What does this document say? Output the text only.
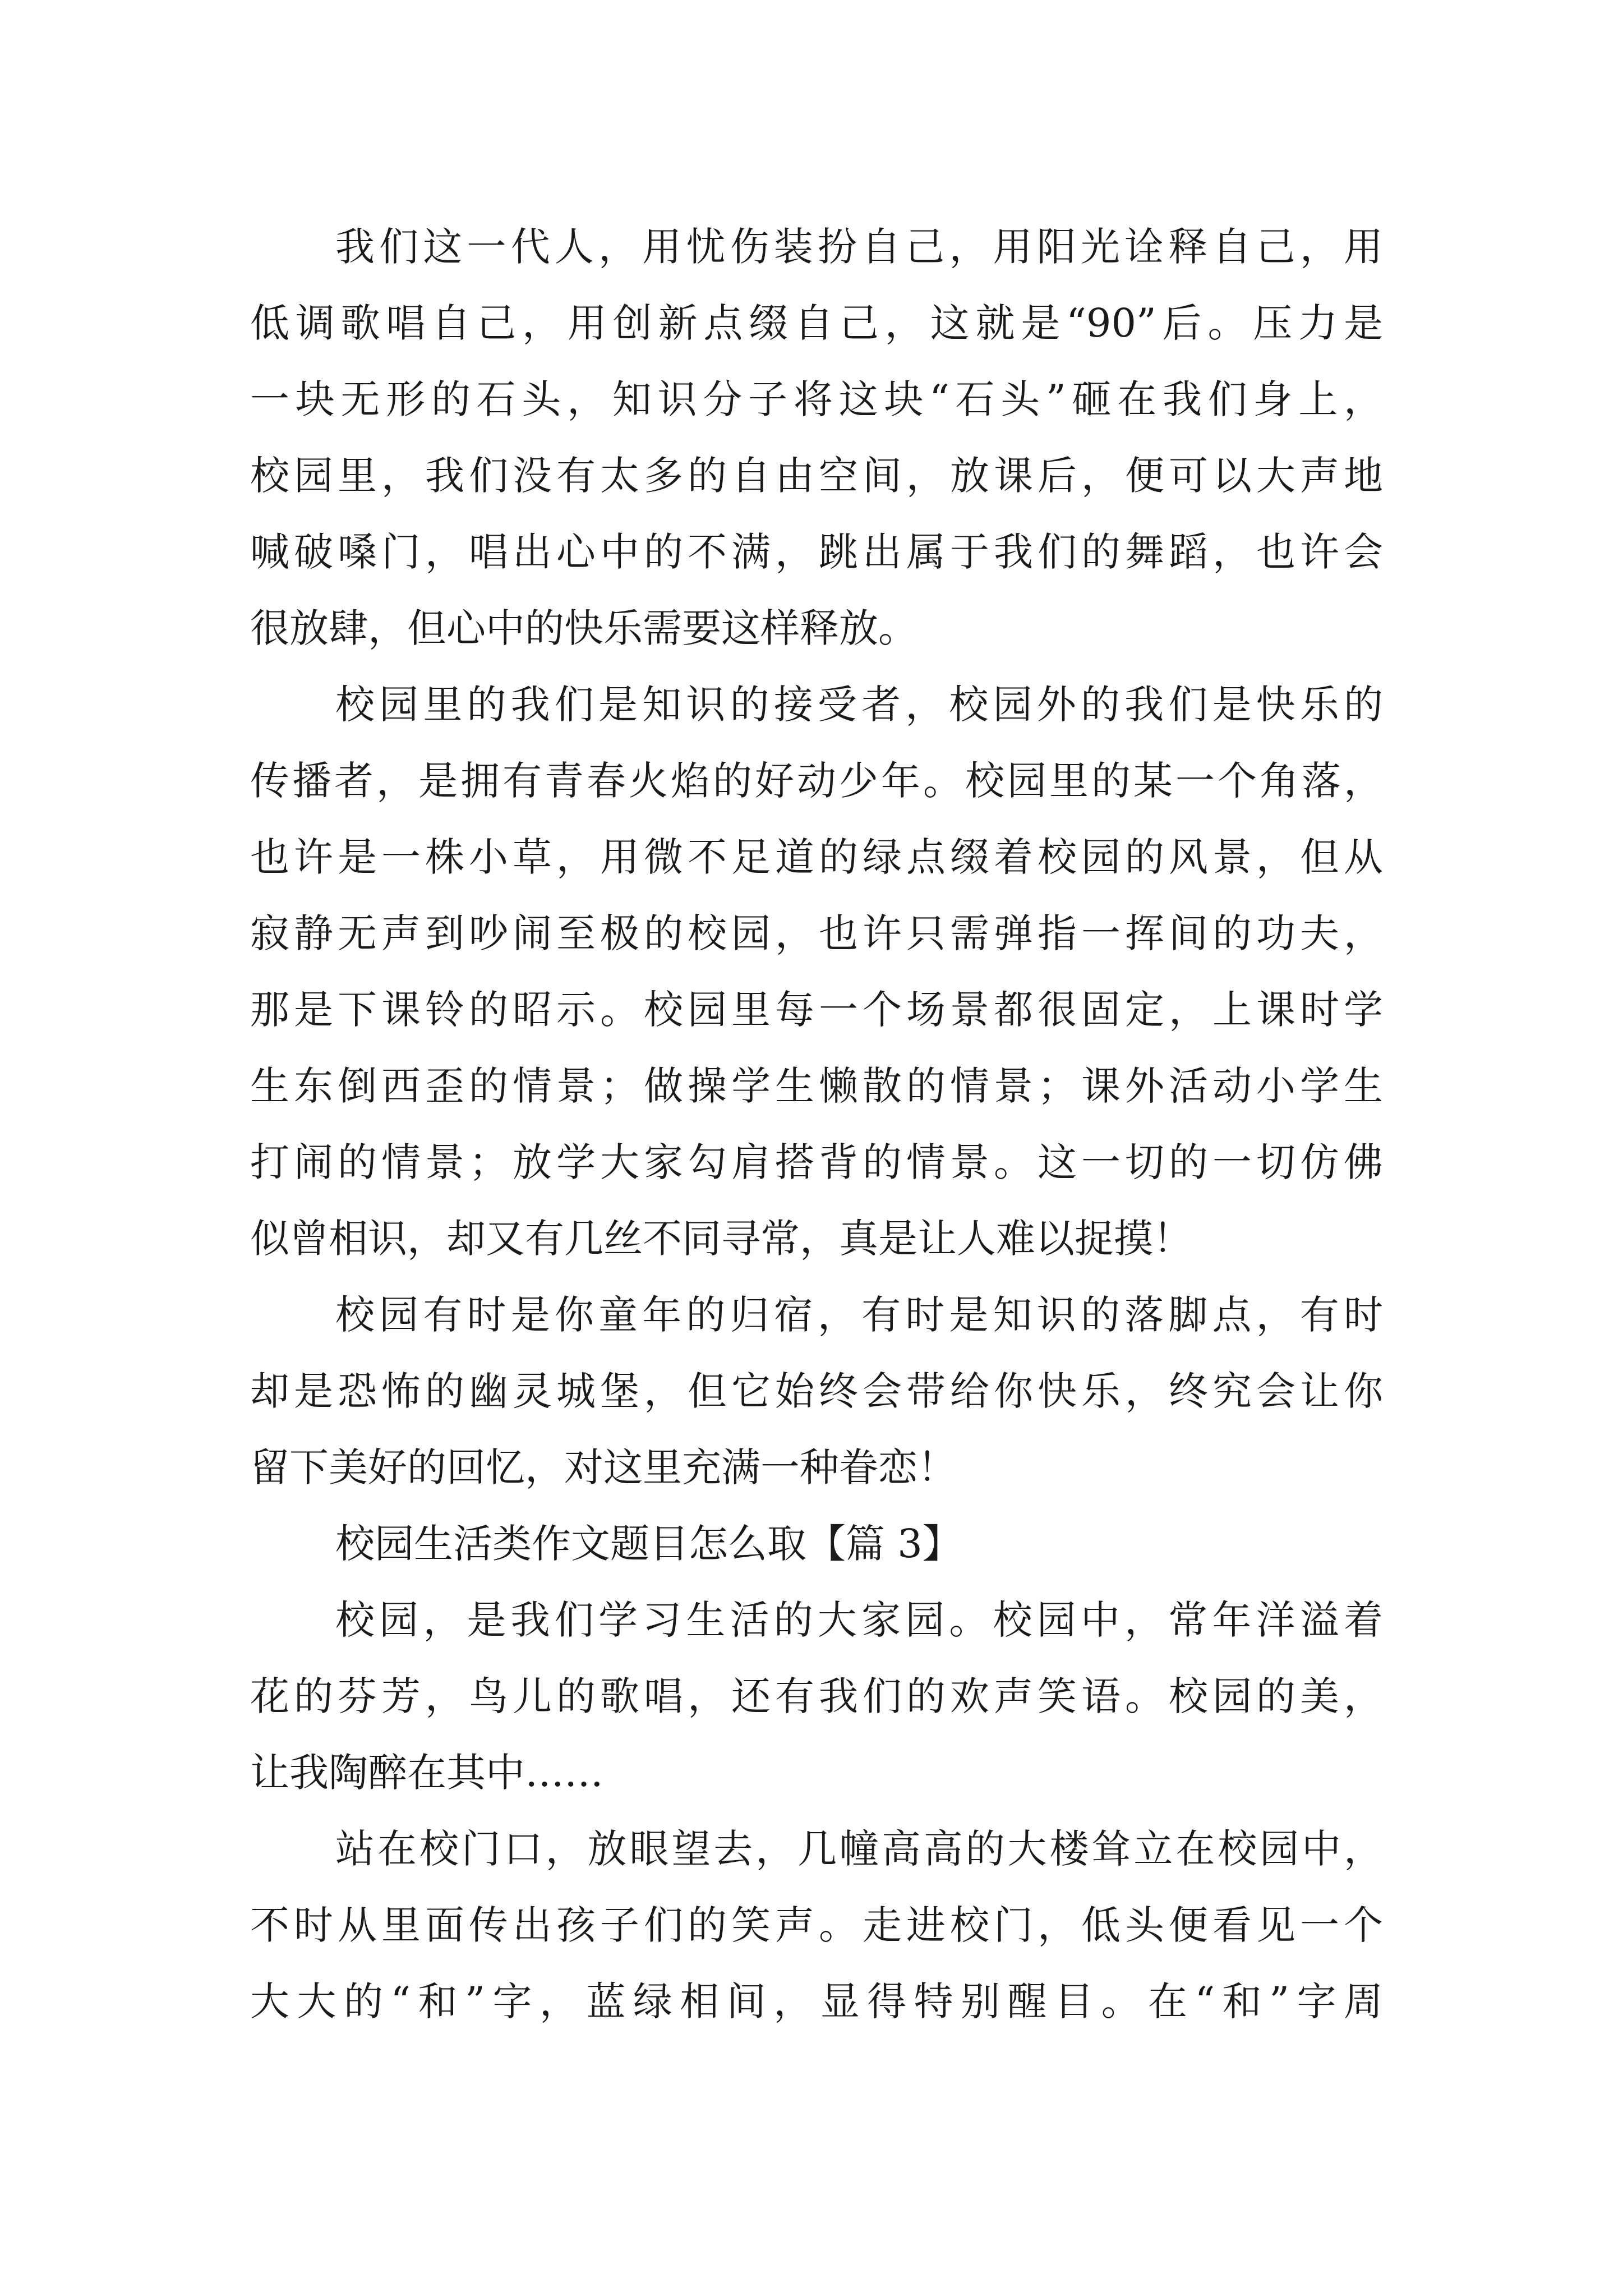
我们这一代人，用忧伤装扮自己，用阳光诠释自己，用
低调歌唱自己，用创新点缀自己，这就是“90”后。压力是
一块无形的石头，知识分子将这块“石头”砸在我们身上，
校园里，我们没有太多的自由空间，放课后，便可以大声地
喊破嗓门，唱出心中的不满，跳出属于我们的舞蹈，也许会
很放肆，但心中的快乐需要这样释放。
校园里的我们是知识的接受者，校园外的我们是快乐的
传播者，是拥有青春火焰的好动少年。校园里的某一个角落，
也许是一株小草，用微不足道的绿点缀着校园的风景，但从
寂静无声到吵闹至极的校园，也许只需弹指一挥间的功夫，
那是下课铃的昭示。校园里每一个场景都很固定，上课时学
生东倒西歪的情景；做操学生懒散的情景；课外活动小学生
打闹的情景；放学大家勾肩搭背的情景。这一切的一切仿佛
似曾相识，却又有几丝不同寻常，真是让人难以捉摸！
校园有时是你童年的归宿，有时是知识的落脚点，有时
却是恐怖的幽灵城堡，但它始终会带给你快乐，终究会让你
留下美好的回忆，对这里充满一种眷恋！
校园生活类作文题目怎么取【篇 3】
校园，是我们学习生活的大家园。校园中，常年洋溢着
花的芬芳，鸟儿的歌唱，还有我们的欢声笑语。校园的美，
让我陶醉在其中……
站在校门口，放眼望去，几幢高高的大楼耸立在校园中，
不时从里面传出孩子们的笑声。走进校门，低头便看见一个
大大的“和”字，蓝绿相间，显得特别醒目。在“和”字周
